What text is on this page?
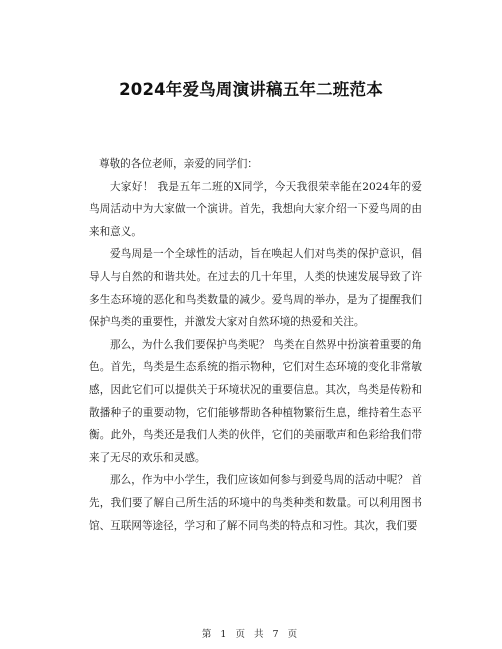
2024年爱鸟周演讲稿五年二班范本

尊敬的各位老师，亲爱的同学们：

大家好！ 我是五年二班的X同学，今天我很荣幸能在2024年的爱鸟周活动中为大家做一个演讲。首先，我想向大家介绍一下爱鸟周的由来和意义。

爱鸟周是一个全球性的活动，旨在唤起人们对鸟类的保护意识，倡导人与自然的和谐共处。在过去的几十年里，人类的快速发展导致了许多生态环境的恶化和鸟类数量的减少。爱鸟周的举办，是为了提醒我们保护鸟类的重要性，并激发大家对自然环境的热爱和关注。

那么，为什么我们要保护鸟类呢？ 鸟类在自然界中扮演着重要的角色。首先，鸟类是生态系统的指示物种，它们对生态环境的变化非常敏感，因此它们可以提供关于环境状况的重要信息。其次，鸟类是传粉和散播种子的重要动物，它们能够帮助各种植物繁衍生息，维持着生态平衡。此外，鸟类还是我们人类的伙伴，它们的美丽歌声和色彩给我们带来了无尽的欢乐和灵感。

那么，作为中小学生，我们应该如何参与到爱鸟周的活动中呢？ 首先，我们要了解自己所生活的环境中的鸟类种类和数量。可以利用图书馆、互联网等途径，学习和了解不同鸟类的特点和习性。其次，我们要

第 1 页 共 7 页
